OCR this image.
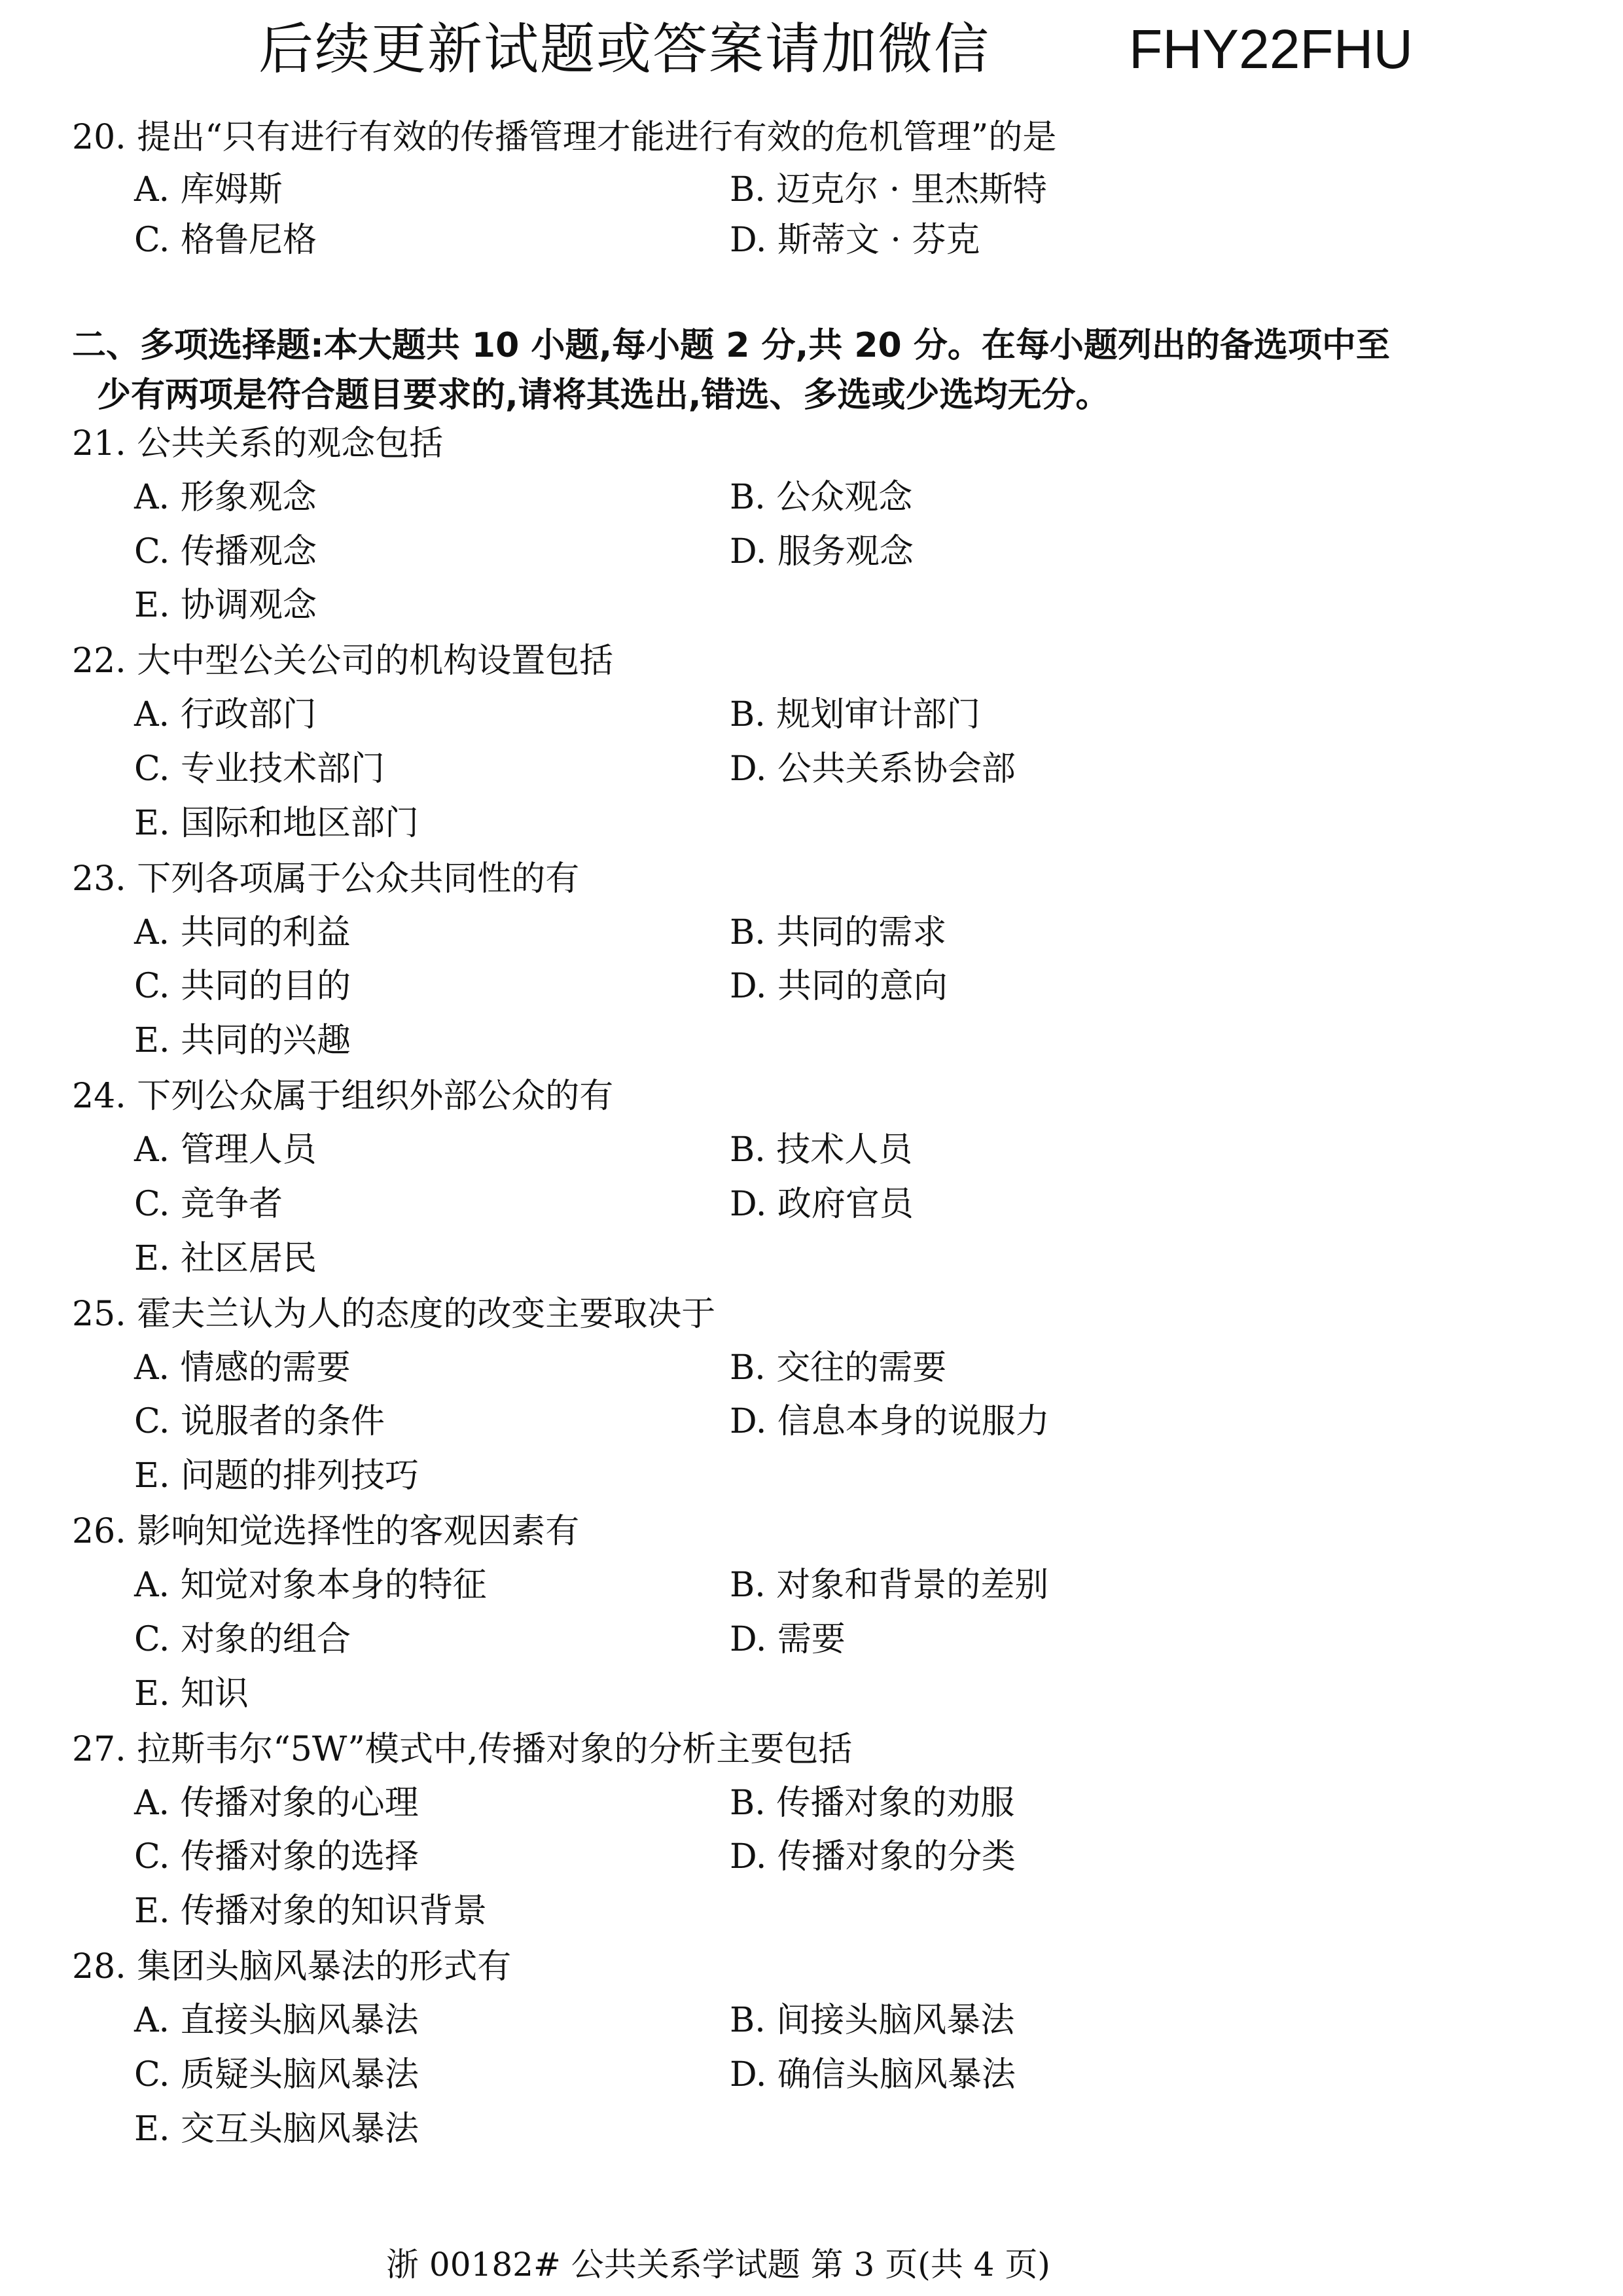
后续更新试题或答案请加微信	FHY22FHU
20. 提出“只有进行有效的传播管理才能进行有效的危机管理”的是
A. 库姆斯	B. 迈克尔 · 里杰斯特
C. 格鲁尼格	D. 斯蒂文 · 芬克
二、多项选择题:本大题共 10 小题,每小题 2 分,共 20 分。在每小题列出的备选项中至
少有两项是符合题目要求的,请将其选出,错选、多选或少选均无分。
21. 公共关系的观念包括
A. 形象观念	B. 公众观念
C. 传播观念	D. 服务观念
E. 协调观念
22. 大中型公关公司的机构设置包括
A. 行政部门	B. 规划审计部门
C. 专业技术部门	D. 公共关系协会部
E. 国际和地区部门
23. 下列各项属于公众共同性的有
A. 共同的利益	B. 共同的需求
C. 共同的目的	D. 共同的意向
E. 共同的兴趣
24. 下列公众属于组织外部公众的有
A. 管理人员	B. 技术人员
C. 竞争者	D. 政府官员
E. 社区居民
25. 霍夫兰认为人的态度的改变主要取决于
A. 情感的需要	B. 交往的需要
C. 说服者的条件	D. 信息本身的说服力
E. 问题的排列技巧
26. 影响知觉选择性的客观因素有
A. 知觉对象本身的特征	B. 对象和背景的差别
C. 对象的组合	D. 需要
E. 知识
27. 拉斯韦尔“5W”模式中,传播对象的分析主要包括
A. 传播对象的心理	B. 传播对象的劝服
C. 传播对象的选择	D. 传播对象的分类
E. 传播对象的知识背景
28. 集团头脑风暴法的形式有
A. 直接头脑风暴法	B. 间接头脑风暴法
C. 质疑头脑风暴法	D. 确信头脑风暴法
E. 交互头脑风暴法
浙 00182# 公共关系学试题 第 3 页(共 4 页)
